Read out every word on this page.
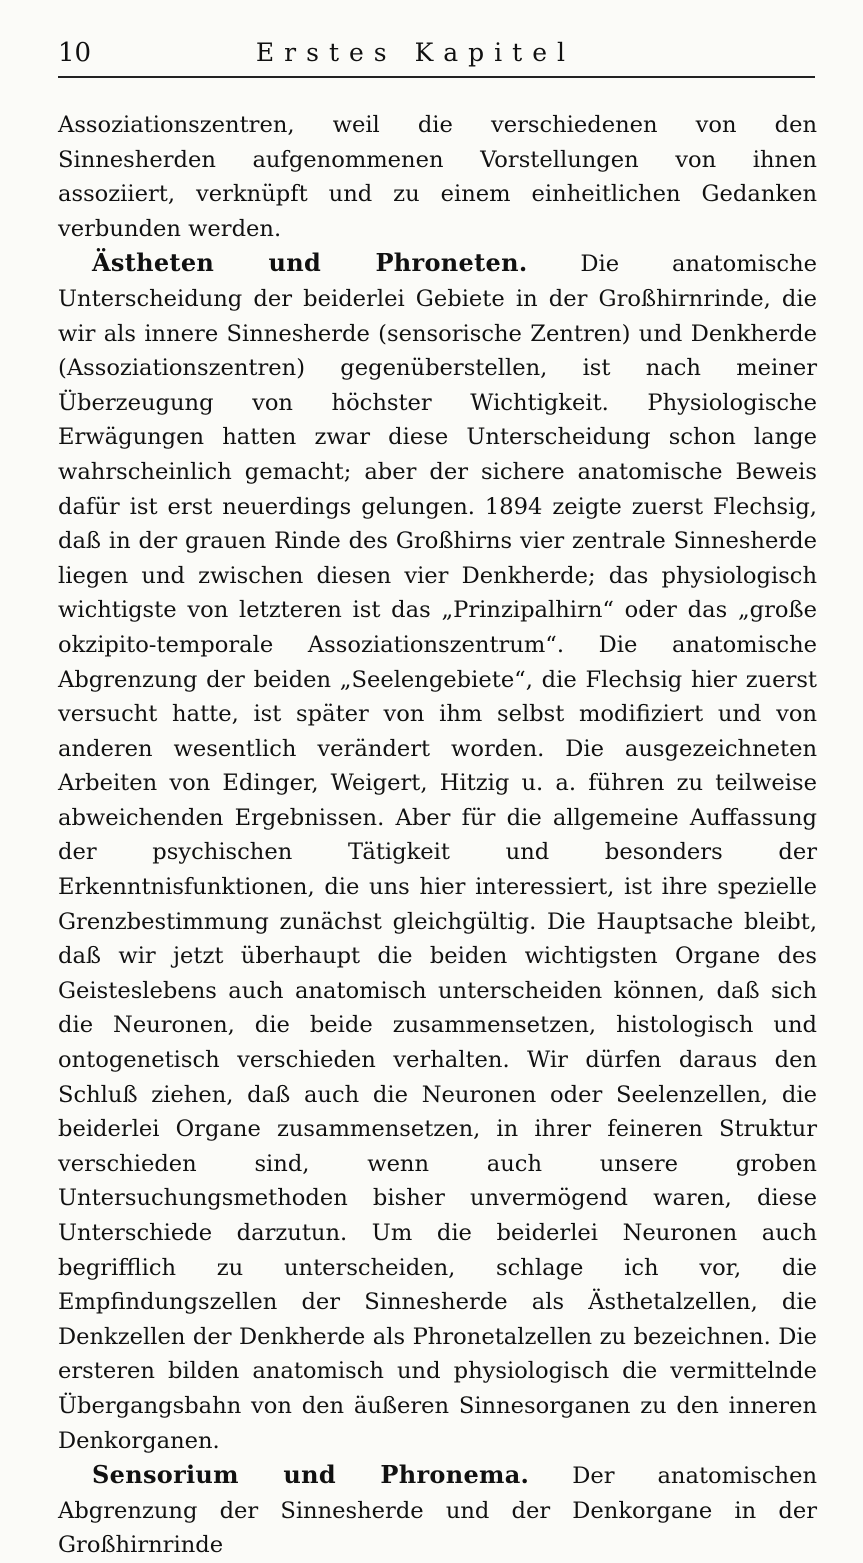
10	Erstes Kapitel

Assoziationszentren, weil die verschiedenen von den Sinnesherden aufgenommenen Vorstellungen von ihnen assoziiert, verknüpft und zu einem einheitlichen Gedanken verbunden werden.

Ästheten und Phroneten. Die anatomische Unterscheidung der beiderlei Gebiete in der Großhirnrinde, die wir als innere Sinnesherde (sensorische Zentren) und Denkherde (Assoziationszentren) gegenüberstellen, ist nach meiner Überzeugung von höchster Wichtigkeit. Physiologische Erwägungen hatten zwar diese Unterscheidung schon lange wahrscheinlich gemacht; aber der sichere anatomische Beweis dafür ist erst neuerdings gelungen. 1894 zeigte zuerst Flechsig, daß in der grauen Rinde des Großhirns vier zentrale Sinnesherde liegen und zwischen diesen vier Denkherde; das physiologisch wichtigste von letzteren ist das „Prinzipalhirn“ oder das „große okzipito-temporale Assoziationszentrum“. Die anatomische Abgrenzung der beiden „Seelengebiete“, die Flechsig hier zuerst versucht hatte, ist später von ihm selbst modifiziert und von anderen wesentlich verändert worden. Die ausgezeichneten Arbeiten von Edinger, Weigert, Hitzig u. a. führen zu teilweise abweichenden Ergebnissen. Aber für die allgemeine Auffassung der psychischen Tätigkeit und besonders der Erkenntnisfunktionen, die uns hier interessiert, ist ihre spezielle Grenzbestimmung zunächst gleichgültig. Die Hauptsache bleibt, daß wir jetzt überhaupt die beiden wichtigsten Organe des Geisteslebens auch anatomisch unterscheiden können, daß sich die Neuronen, die beide zusammensetzen, histologisch und ontogenetisch verschieden verhalten. Wir dürfen daraus den Schluß ziehen, daß auch die Neuronen oder Seelenzellen, die beiderlei Organe zusammensetzen, in ihrer feineren Struktur verschieden sind, wenn auch unsere groben Untersuchungsmethoden bisher unvermögend waren, diese Unterschiede darzutun. Um die beiderlei Neuronen auch begrifflich zu unterscheiden, schlage ich vor, die Empfindungszellen der Sinnesherde als Ästhetalzellen, die Denkzellen der Denkherde als Phronetalzellen zu bezeichnen. Die ersteren bilden anatomisch und physiologisch die vermittelnde Übergangsbahn von den äußeren Sinnesorganen zu den inneren Denkorganen.

Sensorium und Phronema. Der anatomischen Abgrenzung der Sinnesherde und der Denkorgane in der Großhirnrinde
